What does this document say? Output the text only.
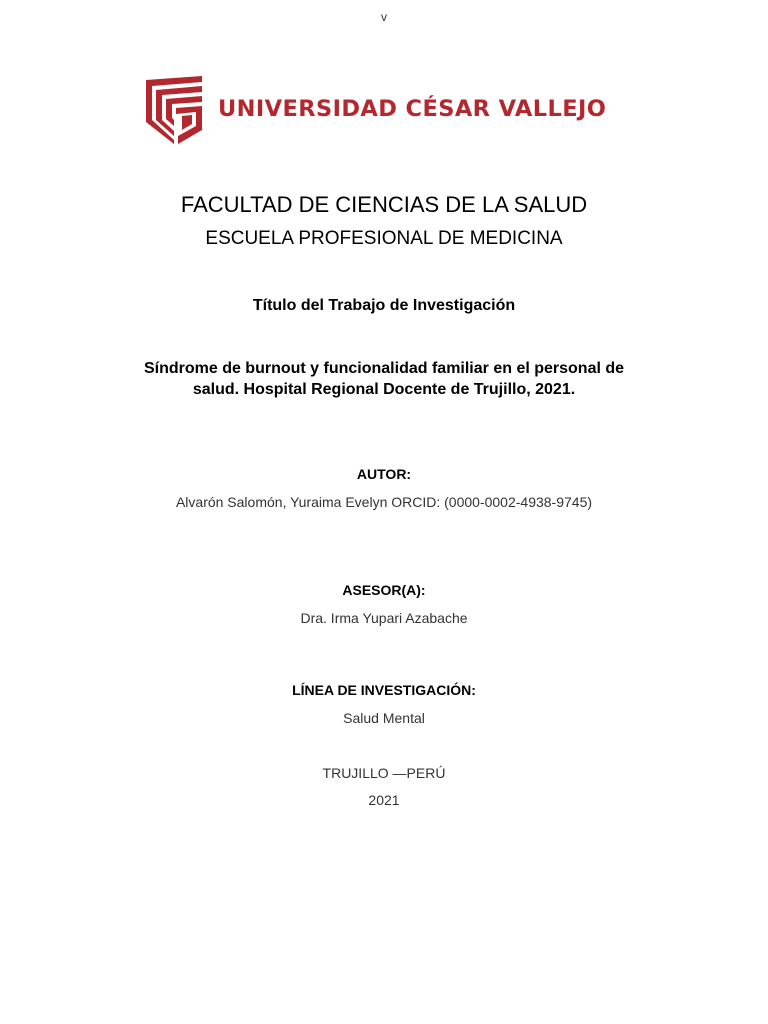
v
UNIVERSIDAD CÉSAR VALLEJO
FACULTAD DE CIENCIAS DE LA SALUD
ESCUELA PROFESIONAL DE MEDICINA
Título del Trabajo de Investigación
Síndrome de burnout y funcionalidad familiar en el personal de
salud. Hospital Regional Docente de Trujillo, 2021.
AUTOR:
Alvarón Salomón, Yuraima Evelyn ORCID: (0000-0002-4938-9745)
ASESOR(A):
Dra. Irma Yupari Azabache
LÍNEA DE INVESTIGACIÓN:
Salud Mental
TRUJILLO —PERÚ
2021
